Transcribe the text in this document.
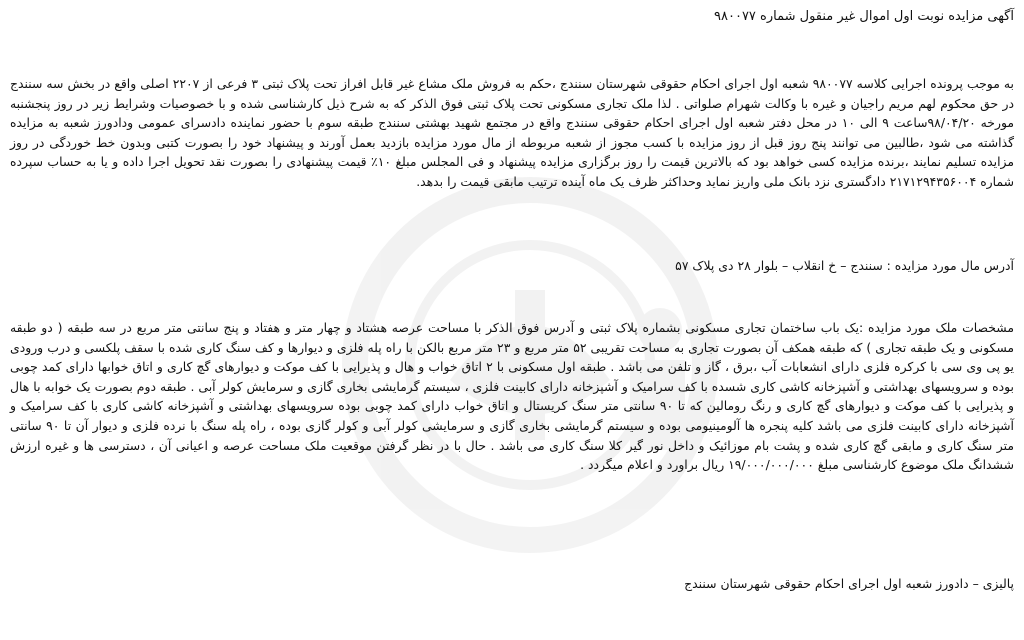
آگهی مزایده نوبت اول اموال غیر منقول شماره ۹۸۰۰۷۷

به موجب پرونده اجرایی کلاسه ۹۸۰۰۷۷ شعبه اول اجرای احکام حقوقی شهرستان سنندج ،حکم به فروش ملک مشاع غیر قابل افراز تحت پلاک ثبتی ۳ فرعی از ۲۲۰۷ اصلی واقع در بخش سه سنندج در حق محکوم لهم مریم راجیان و غیره با وکالت شهرام صلواتی . لذا ملک تجاری مسکونی تحت پلاک ثبتی فوق الذکر که به شرح ذیل کارشناسی شده و با خصوصیات وشرایط زیر در روز پنجشنبه مورخه ۹۸/۰۴/۲۰ساعت ۹ الی ۱۰ در محل دفتر شعبه اول اجرای احکام حقوقی سنندج واقع در مجتمع شهید بهشتی سنندج طبقه سوم با حضور نماینده دادسرای عمومی ودادورز شعبه به مزایده گذاشته می شود ،طالبین می توانند پنج روز قبل از روز مزایده با کسب مجوز از شعبه مربوطه از مال مورد مزایده بازدید بعمل آورند و پیشنهاد خود را بصورت کتبی وبدون خط خوردگی در روز مزایده تسلیم نمایند ،برنده مزایده کسی خواهد بود که بالاترین قیمت را روز برگزاری مزایده پیشنهاد و فی المجلس مبلغ ۱۰٪ قیمت پیشنهادی را بصورت نقد تحویل اجرا داده و یا به حساب سپرده شماره ۲۱۷۱۲۹۴۳۵۶۰۰۴ دادگستری نزد بانک ملی واریز نماید وحداکثر ظرف یک ماه آینده ترتیب مابقی قیمت را بدهد.

آدرس مال مورد مزایده : سنندج – خ انقلاب – بلوار ۲۸ دی پلاک ۵۷

مشخصات ملک مورد مزایده :یک باب ساختمان تجاری مسکونی بشماره پلاک ثبتی و آدرس فوق الذکر با مساحت عرصه هشتاد و چهار متر و هفتاد و پنج سانتی متر مربع در سه طبقه ( دو طبقه مسکونی و یک طبقه تجاری ) که طبقه همکف آن بصورت تجاری به مساحت تقریبی ۵۲ متر مربع و ۲۳ متر مربع بالکن با راه پله فلزی و دیوارها و کف سنگ کاری شده با سقف پلکسی و درب ورودی یو پی وی سی با کرکره فلزی دارای انشعابات آب ،برق ، گاز و تلفن می باشد . طبقه اول مسکونی با ۲ اتاق خواب و هال و پذیرایی با کف موکت و دیوارهای گچ کاری و اتاق خوابها دارای کمد چوبی بوده و سرویسهای بهداشتی و آشپزخانه کاشی کاری شسده با کف سرامیک و آشپزخانه دارای کابینت فلزی ، سیستم گرمایشی بخاری گازی و سرمایش کولر آبی . طبقه دوم بصورت یک خوابه با هال و پذیرایی با کف موکت و دیوارهای گچ کاری و رنگ رومالین که تا ۹۰ سانتی متر سنگ کریستال و اتاق خواب دارای کمد چوبی بوده سرویسهای بهداشتی و آشپزخانه کاشی کاری با کف سرامیک و آشپزخانه دارای کابینت فلزی می باشد کلیه پنجره ها آلومینیومی بوده و سیستم گرمایشی بخاری گازی و سرمایشی کولر آبی و کولر گازی بوده ، راه پله سنگ با نرده فلزی و دیوار آن تا ۹۰ سانتی متر سنگ کاری و مابقی گچ کاری شده و پشت بام موزائیک و داخل نور گیر کلا سنگ کاری می باشد . حال با در نظر گرفتن موقعیت ملک مساحت عرصه و اعیانی آن ، دسترسی ها و غیره ارزش ششدانگ ملک موضوع کارشناسی مبلغ ۱۹/۰۰۰/۰۰۰/۰۰۰ ریال براورد و اعلام میگردد .

پالیزی – دادورز شعبه اول اجرای احکام حقوقی شهرستان سنندج
